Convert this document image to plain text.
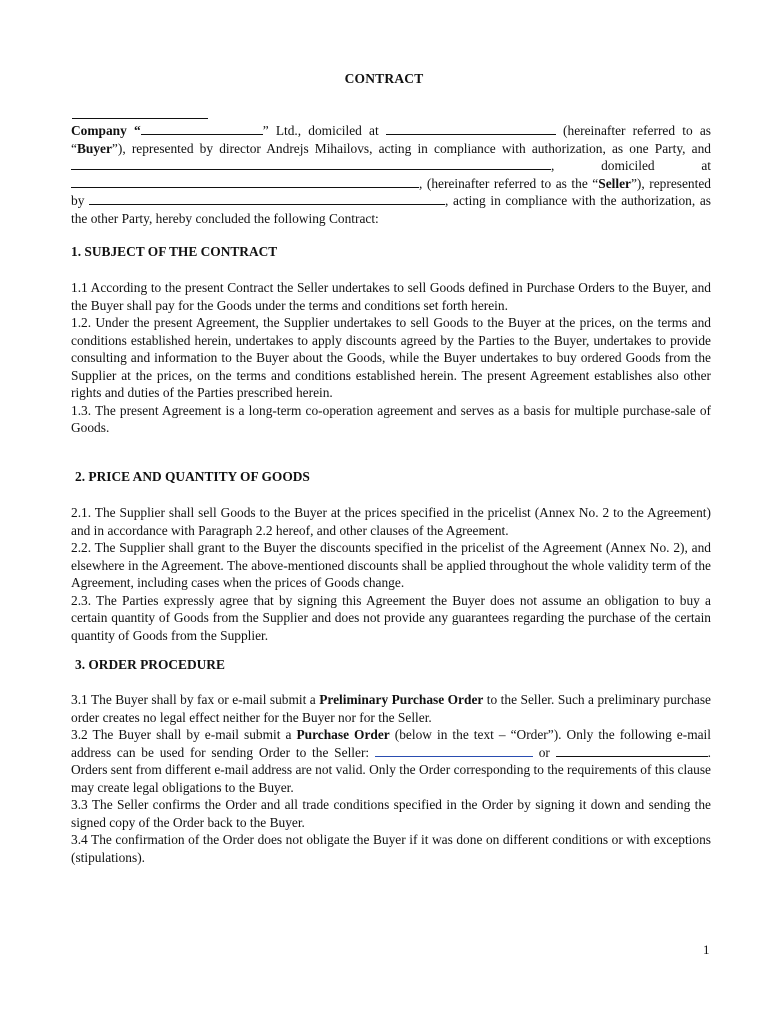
CONTRACT

Company “	” Ltd., domiciled at	(hereinafter referred to as “Buyer”), represented by director Andrejs Mihailovs, acting in compliance with authorization, as one Party, and, domiciled at , (hereinafter referred to as the “Seller”), represented by	, acting in compliance with the authorization, as the other Party, hereby concluded the following Contract:

1. SUBJECT OF THE CONTRACT

1.1 According to the present Contract the Seller undertakes to sell Goods defined in Purchase Orders to the Buyer, and the Buyer shall pay for the Goods under the terms and conditions set forth herein.

1.2. Under the present Agreement, the Supplier undertakes to sell Goods to the Buyer at the prices, on the terms and conditions established herein, undertakes to apply discounts agreed by the Parties to the Buyer, undertakes to provide consulting and information to the Buyer about the Goods, while the Buyer undertakes to buy ordered Goods from the Supplier at the prices, on the terms and conditions established herein. The present Agreement establishes also other rights and duties of the Parties prescribed herein.

1.3. The present Agreement is a long-term co-operation agreement and serves as a basis for multiple purchase-sale of Goods.

2. PRICE AND QUANTITY OF GOODS

2.1. The Supplier shall sell Goods to the Buyer at the prices specified in the pricelist (Annex No. 2 to the Agreement) and in accordance with Paragraph 2.2 hereof, and other clauses of the Agreement.

2.2. The Supplier shall grant to the Buyer the discounts specified in the pricelist of the Agreement (Annex No. 2), and elsewhere in the Agreement. The above-mentioned discounts shall be applied throughout the whole validity term of the Agreement, including cases when the prices of Goods change.

2.3. The Parties expressly agree that by signing this Agreement the Buyer does not assume an obligation to buy a certain quantity of Goods from the Supplier and does not provide any guarantees regarding the purchase of the certain quantity of Goods from the Supplier.

3. ORDER PROCEDURE

3.1 The Buyer shall by fax or e-mail submit a Preliminary Purchase Order to the Seller. Such a preliminary purchase order creates no legal effect neither for the Buyer nor for the Seller.

3.2 The Buyer shall by e-mail submit a Purchase Order (below in the text – “Order”). Only the following e-mail address can be used for sending Order to the Seller:	or	. Orders sent from different e-mail address are not valid. Only the Order corresponding to the requirements of this clause may create legal obligations to the Buyer.

3.3 The Seller confirms the Order and all trade conditions specified in the Order by signing it down and sending the signed copy of the Order back to the Buyer.

3.4 The confirmation of the Order does not obligate the Buyer if it was done on different conditions or with exceptions (stipulations).

1
